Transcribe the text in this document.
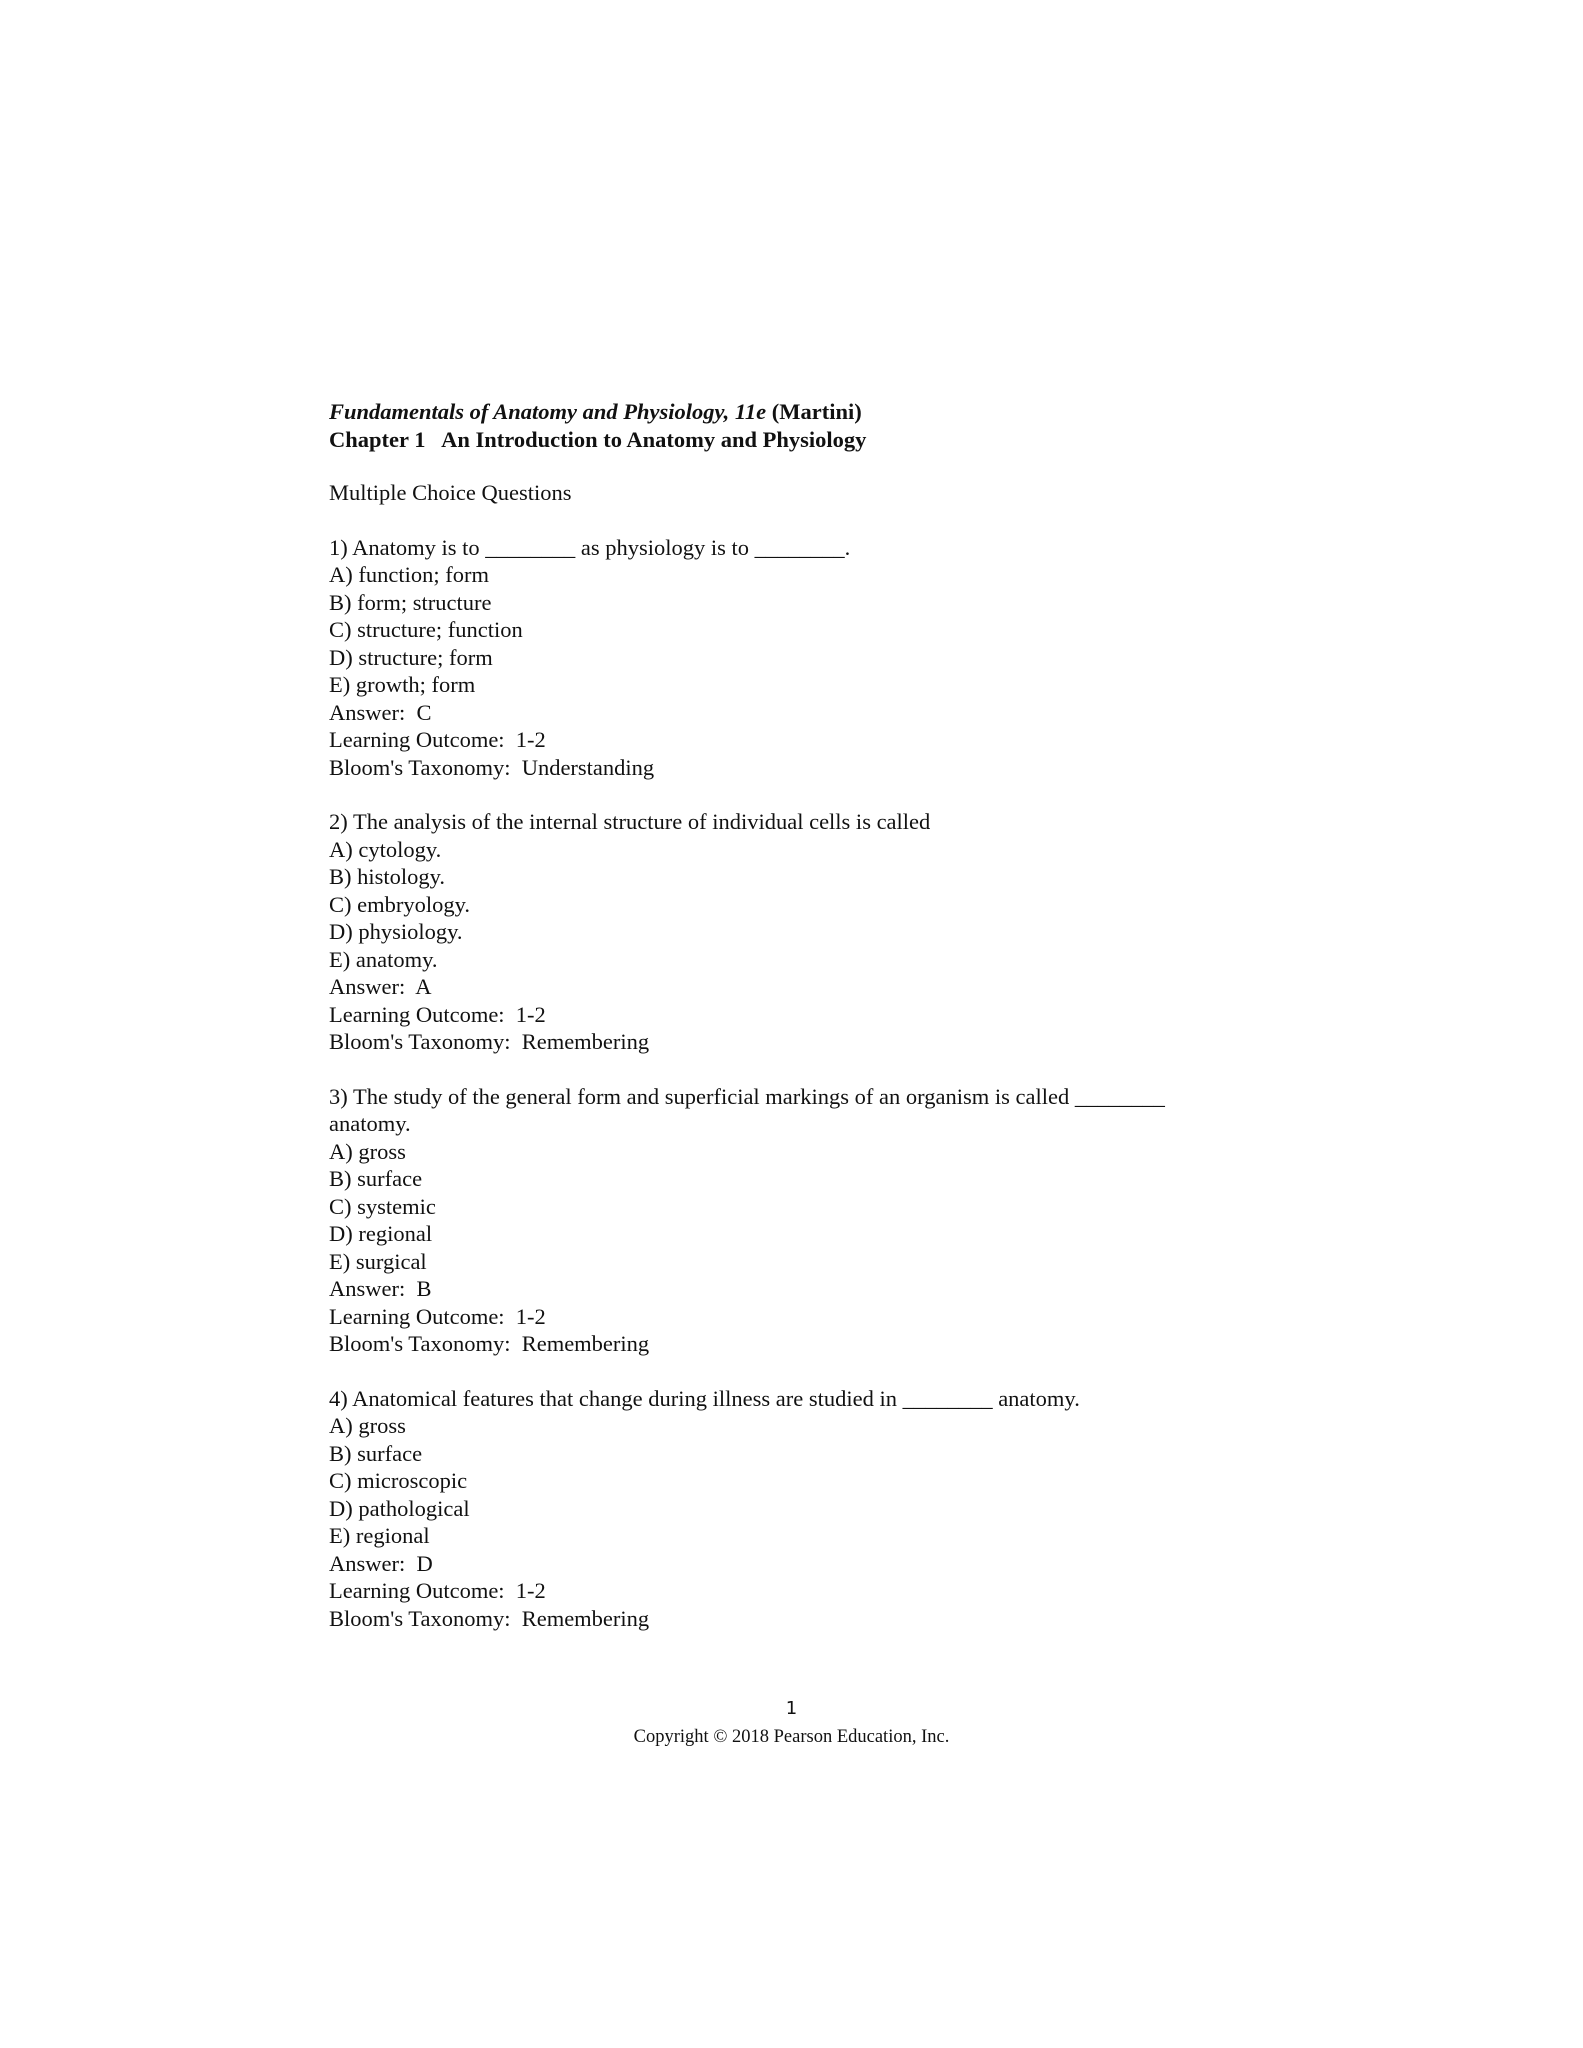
Fundamentals of Anatomy and Physiology, 11e (Martini)
Chapter 1   An Introduction to Anatomy and Physiology
Multiple Choice Questions
1) Anatomy is to ________ as physiology is to ________.
A) function; form
B) form; structure
C) structure; function
D) structure; form
E) growth; form
Answer:  C
Learning Outcome:  1-2
Bloom's Taxonomy:  Understanding
2) The analysis of the internal structure of individual cells is called
A) cytology.
B) histology.
C) embryology.
D) physiology.
E) anatomy.
Answer:  A
Learning Outcome:  1-2
Bloom's Taxonomy:  Remembering
3) The study of the general form and superficial markings of an organism is called ________ anatomy.
A) gross
B) surface
C) systemic
D) regional
E) surgical
Answer:  B
Learning Outcome:  1-2
Bloom's Taxonomy:  Remembering
4) Anatomical features that change during illness are studied in ________ anatomy.
A) gross
B) surface
C) microscopic
D) pathological
E) regional
Answer:  D
Learning Outcome:  1-2
Bloom's Taxonomy:  Remembering
1
Copyright © 2018 Pearson Education, Inc.
